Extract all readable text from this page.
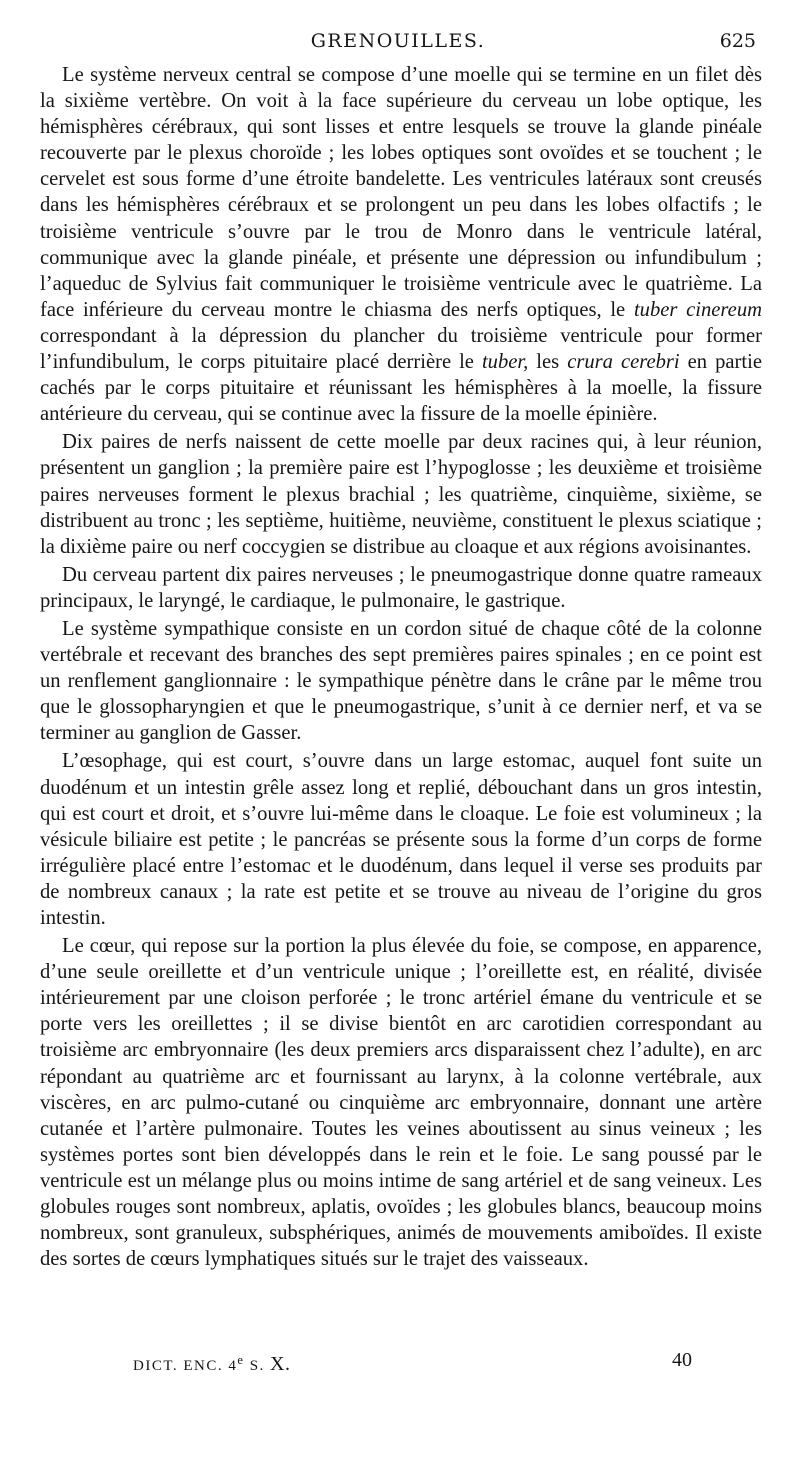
GRENOUILLES.	625

Le système nerveux central se compose d’une moelle qui se termine en un filet dès la sixième vertèbre. On voit à la face supérieure du cerveau un lobe optique, les hémisphères cérébraux, qui sont lisses et entre lesquels se trouve la glande pinéale recouverte par le plexus choroïde ; les lobes optiques sont ovoïdes et se touchent ; le cervelet est sous forme d’une étroite bandelette. Les ventricules latéraux sont creusés dans les hémisphères cérébraux et se prolongent un peu dans les lobes olfactifs ; le troisième ventricule s’ouvre par le trou de Monro dans le ventricule latéral, communique avec la glande pinéale, et présente une dépression ou infundibulum ; l’aqueduc de Sylvius fait communiquer le troisième ventricule avec le quatrième. La face inférieure du cerveau montre le chiasma des nerfs optiques, le tuber cinereum correspondant à la dépression du plancher du troisième ventricule pour former l’infundibulum, le corps pituitaire placé derrière le tuber, les crura cerebri en partie cachés par le corps pituitaire et réunissant les hémisphères à la moelle, la fissure antérieure du cerveau, qui se continue avec la fissure de la moelle épinière.

Dix paires de nerfs naissent de cette moelle par deux racines qui, à leur réunion, présentent un ganglion ; la première paire est l’hypoglosse ; les deuxième et troisième paires nerveuses forment le plexus brachial ; les quatrième, cinquième, sixième, se distribuent au tronc ; les septième, huitième, neuvième, constituent le plexus sciatique ; la dixième paire ou nerf coccygien se distribue au cloaque et aux régions avoisinantes.

Du cerveau partent dix paires nerveuses ; le pneumogastrique donne quatre rameaux principaux, le laryngé, le cardiaque, le pulmonaire, le gastrique.

Le système sympathique consiste en un cordon situé de chaque côté de la colonne vertébrale et recevant des branches des sept premières paires spinales ; en ce point est un renflement ganglionnaire : le sympathique pénètre dans le crâne par le même trou que le glossopharyngien et que le pneumogastrique, s’unit à ce dernier nerf, et va se terminer au ganglion de Gasser.

L’œsophage, qui est court, s’ouvre dans un large estomac, auquel font suite un duodénum et un intestin grêle assez long et replié, débouchant dans un gros intestin, qui est court et droit, et s’ouvre lui-même dans le cloaque. Le foie est volumineux ; la vésicule biliaire est petite ; le pancréas se présente sous la forme d’un corps de forme irrégulière placé entre l’estomac et le duodénum, dans lequel il verse ses produits par de nombreux canaux ; la rate est petite et se trouve au niveau de l’origine du gros intestin.

Le cœur, qui repose sur la portion la plus élevée du foie, se compose, en apparence, d’une seule oreillette et d’un ventricule unique ; l’oreillette est, en réalité, divisée intérieurement par une cloison perforée ; le tronc artériel émane du ventricule et se porte vers les oreillettes ; il se divise bientôt en arc carotidien correspondant au troisième arc embryonnaire (les deux premiers arcs disparaissent chez l’adulte), en arc répondant au quatrième arc et fournissant au larynx, à la colonne vertébrale, aux viscères, en arc pulmo-cutané ou cinquième arc embryonnaire, donnant une artère cutanée et l’artère pulmonaire. Toutes les veines aboutissent au sinus veineux ; les systèmes portes sont bien développés dans le rein et le foie. Le sang poussé par le ventricule est un mélange plus ou moins intime de sang artériel et de sang veineux. Les globules rouges sont nombreux, aplatis, ovoïdes ; les globules blancs, beaucoup moins nombreux, sont granuleux, subsphériques, animés de mouvements amiboïdes. Il existe des sortes de cœurs lymphatiques situés sur le trajet des vaisseaux.

DICT. ENC. 4e S. X.	40
